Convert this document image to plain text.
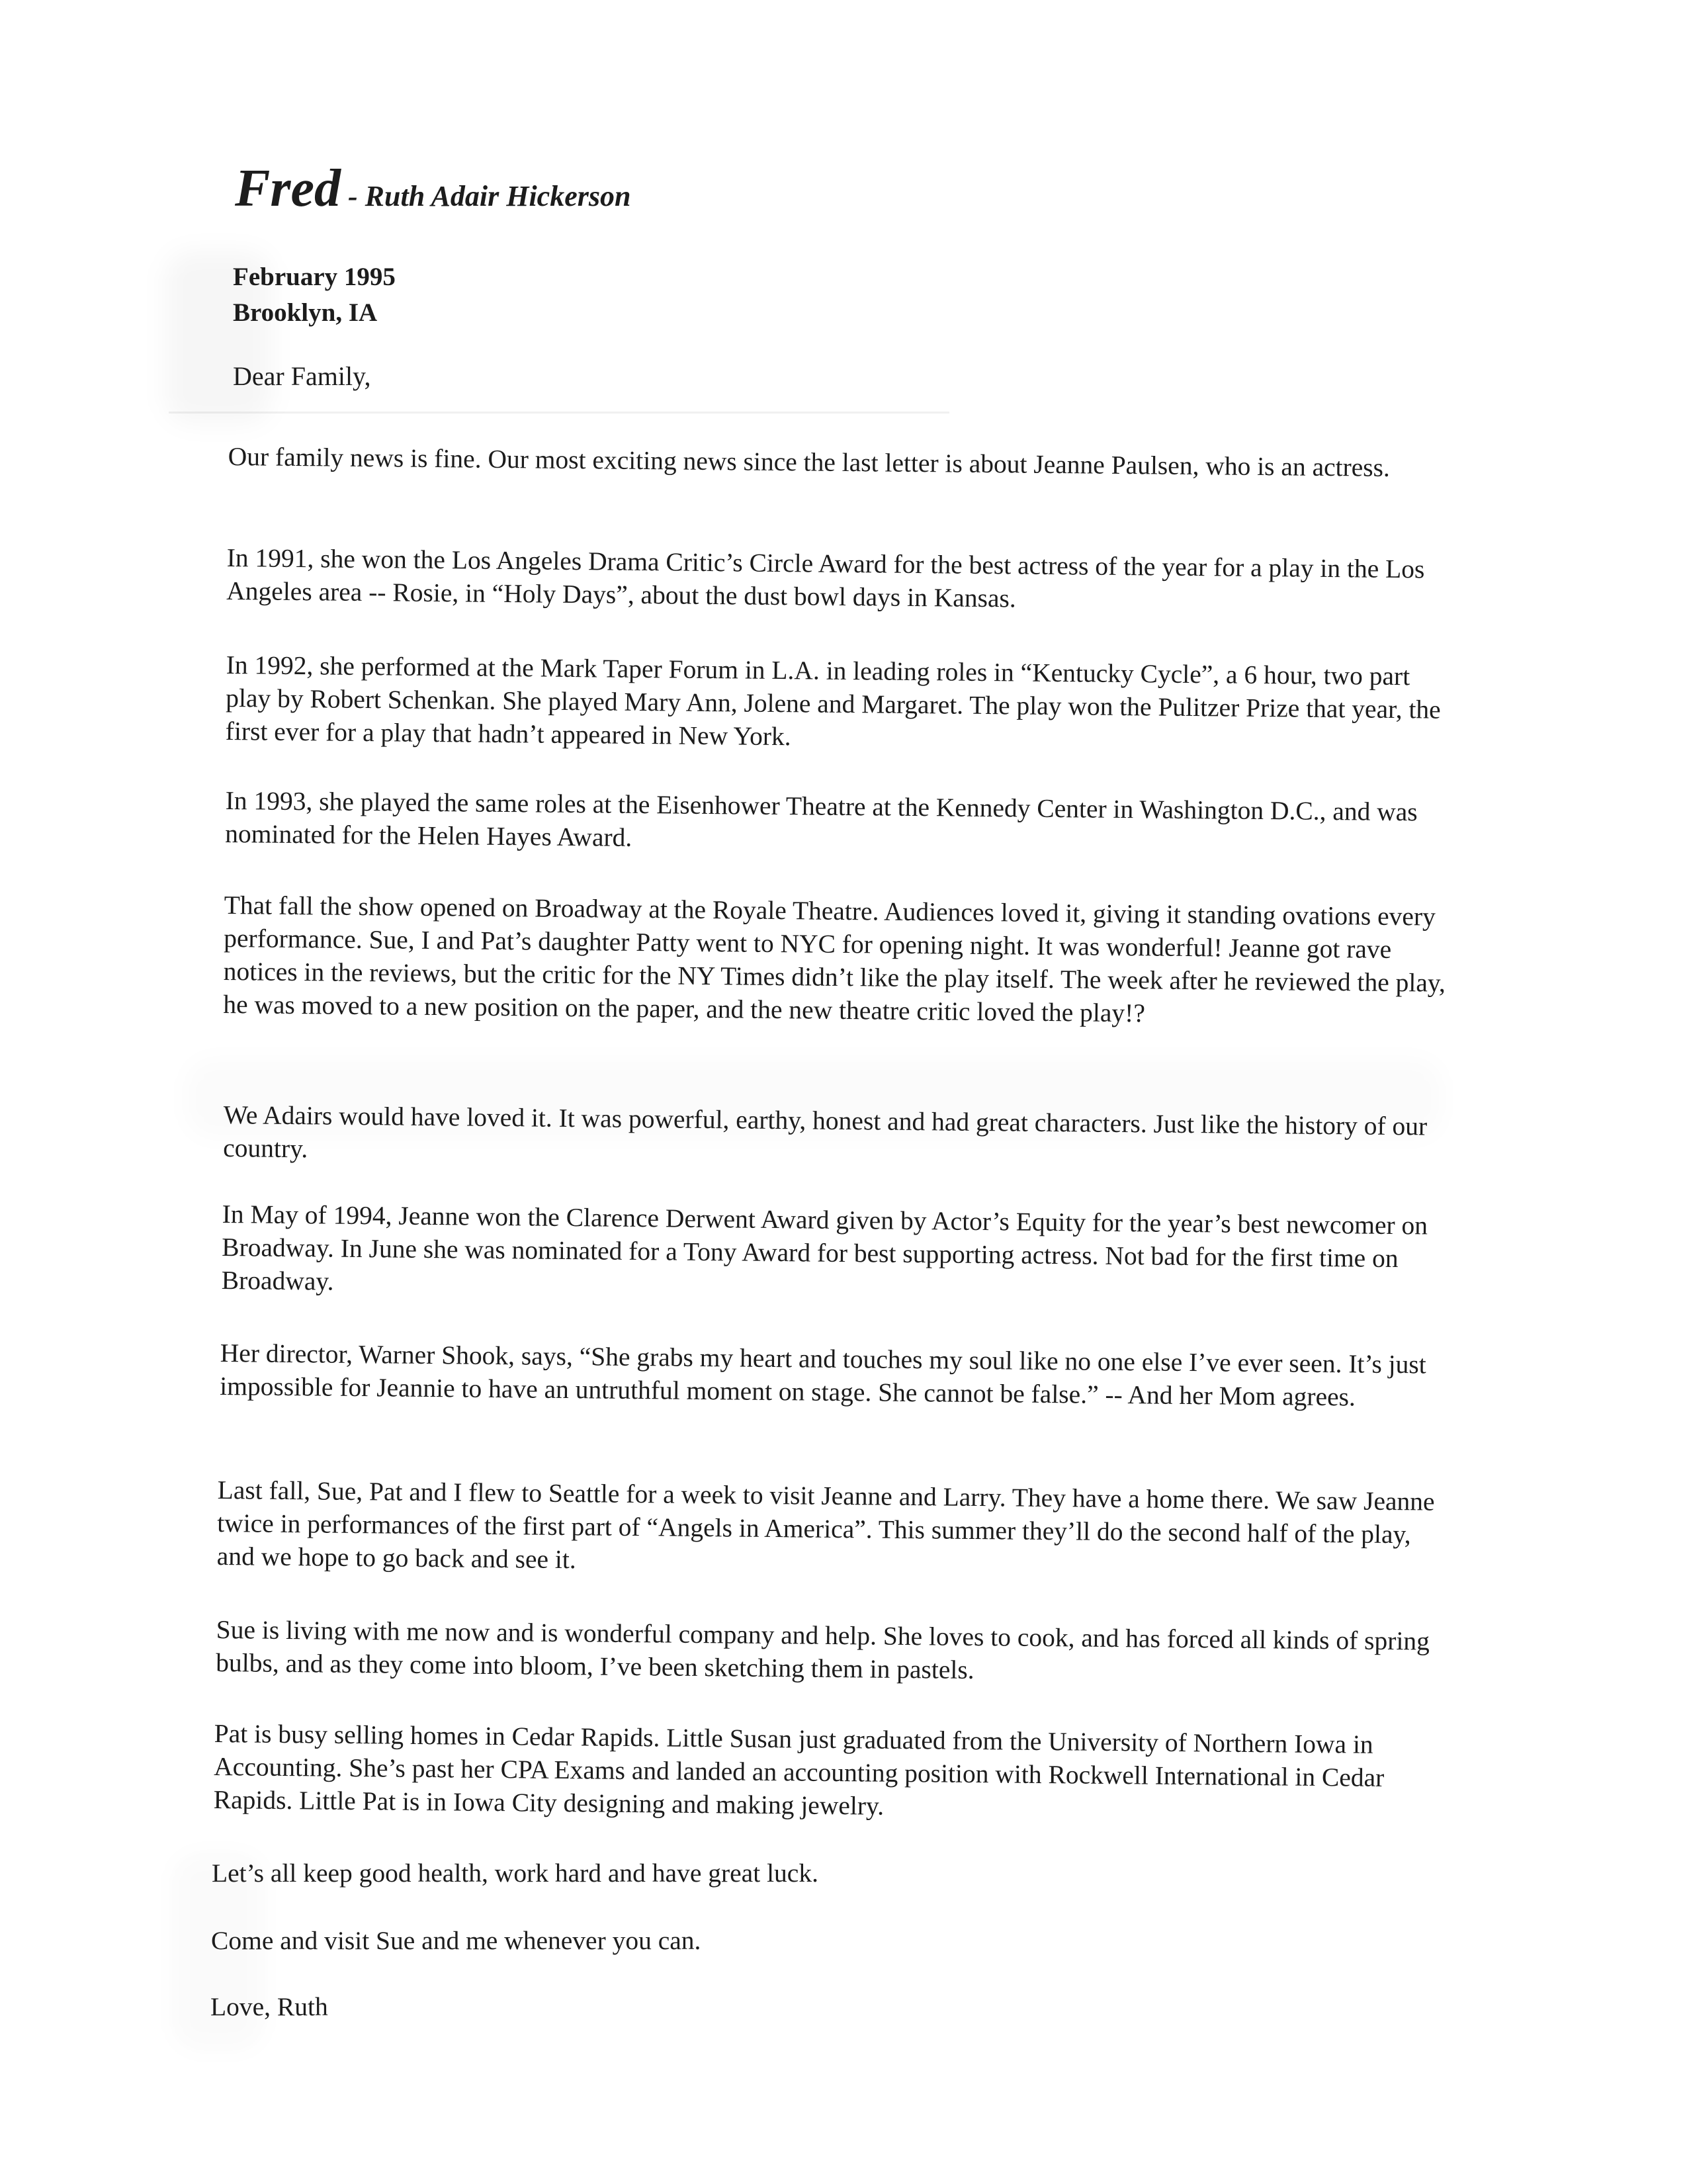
Fred - Ruth Adair Hickerson
February 1995
Brooklyn, IA
Dear Family,

Our family news is fine. Our most exciting news since the last letter is about Jeanne Paulsen, who is an actress.

In 1991, she won the Los Angeles Drama Critic’s Circle Award for the best actress of the year for a play in the Los Angeles area -- Rosie, in “Holy Days”, about the dust bowl days in Kansas.

In 1992, she performed at the Mark Taper Forum in L.A. in leading roles in “Kentucky Cycle”, a 6 hour, two part play by Robert Schenkan. She played Mary Ann, Jolene and Margaret. The play won the Pulitzer Prize that year, the first ever for a play that hadn’t appeared in New York.

In 1993, she played the same roles at the Eisenhower Theatre at the Kennedy Center in Washington D.C., and was nominated for the Helen Hayes Award.

That fall the show opened on Broadway at the Royale Theatre. Audiences loved it, giving it standing ovations every performance. Sue, I and Pat’s daughter Patty went to NYC for opening night. It was wonderful! Jeanne got rave notices in the reviews, but the critic for the NY Times didn’t like the play itself. The week after he reviewed the play, he was moved to a new position on the paper, and the new theatre critic loved the play!?

We Adairs would have loved it. It was powerful, earthy, honest and had great characters. Just like the history of our country.

In May of 1994, Jeanne won the Clarence Derwent Award given by Actor’s Equity for the year’s best newcomer on Broadway. In June she was nominated for a Tony Award for best supporting actress. Not bad for the first time on Broadway.

Her director, Warner Shook, says, “She grabs my heart and touches my soul like no one else I’ve ever seen. It’s just impossible for Jeannie to have an untruthful moment on stage. She cannot be false.” -- And her Mom agrees.

Last fall, Sue, Pat and I flew to Seattle for a week to visit Jeanne and Larry. They have a home there. We saw Jeanne twice in performances of the first part of “Angels in America”. This summer they’ll do the second half of the play, and we hope to go back and see it.

Sue is living with me now and is wonderful company and help. She loves to cook, and has forced all kinds of spring bulbs, and as they come into bloom, I’ve been sketching them in pastels.

Pat is busy selling homes in Cedar Rapids. Little Susan just graduated from the University of Northern Iowa in Accounting. She’s past her CPA Exams and landed an accounting position with Rockwell International in Cedar Rapids. Little Pat is in Iowa City designing and making jewelry.

Let’s all keep good health, work hard and have great luck.
Come and visit Sue and me whenever you can.
Love, Ruth
